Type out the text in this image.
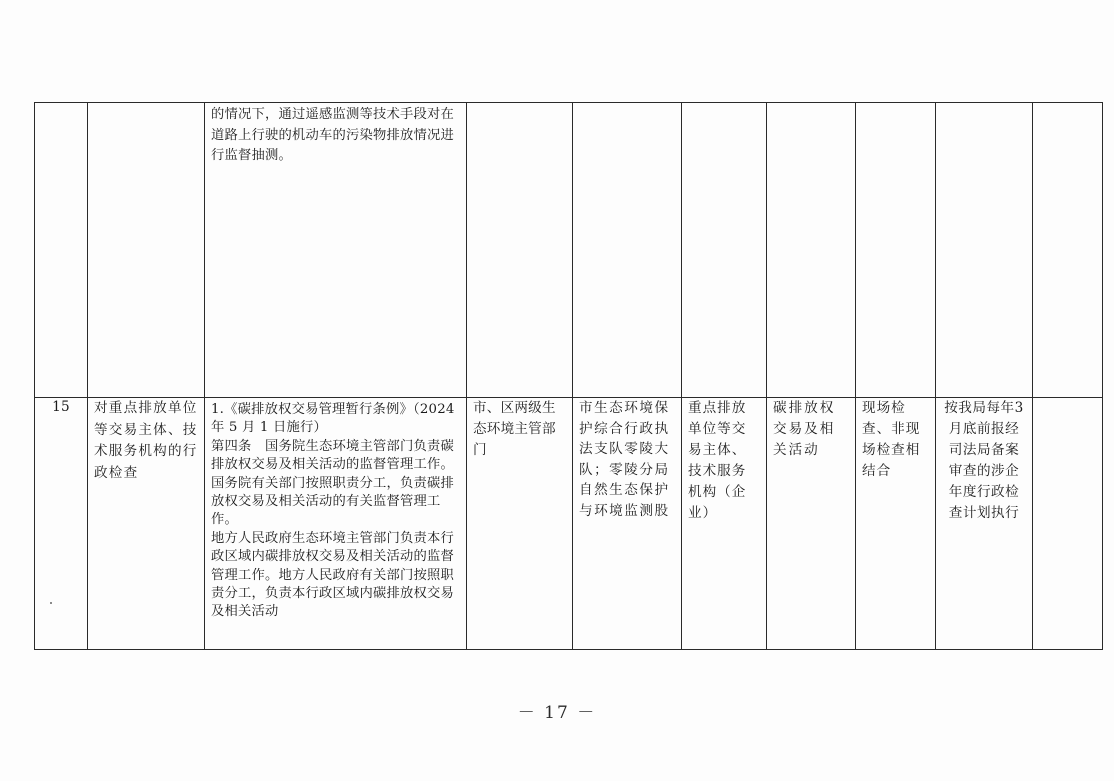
		的情况下，通过遥感监测等技术手段对在道路上行驶的机动车的污染物排放情况进行监督抽测。							

15	对重点排放单位等交易主体、技术服务机构的行政检查	1.《碳排放权交易管理暂行条例》（2024 年 5 月 1 日施行）
第四条　国务院生态环境主管部门负责碳排放权交易及相关活动的监督管理工作。国务院有关部门按照职责分工，负责碳排放权交易及相关活动的有关监督管理工作。
地方人民政府生态环境主管部门负责本行政区域内碳排放权交易及相关活动的监督管理工作。地方人民政府有关部门按照职责分工，负责本行政区域内碳排放权交易及相关活动	市、区两级生态环境主管部门	市生态环境保护综合行政执法支队零陵大队；零陵分局自然生态保护与环境监测股	重点排放单位等交易主体、技术服务机构（企业）	碳排放权交易及相关活动	现场检查、非现场检查相结合	按我局每年3月底前报经司法局备案审查的涉企年度行政检查计划执行	

－ 17 －
